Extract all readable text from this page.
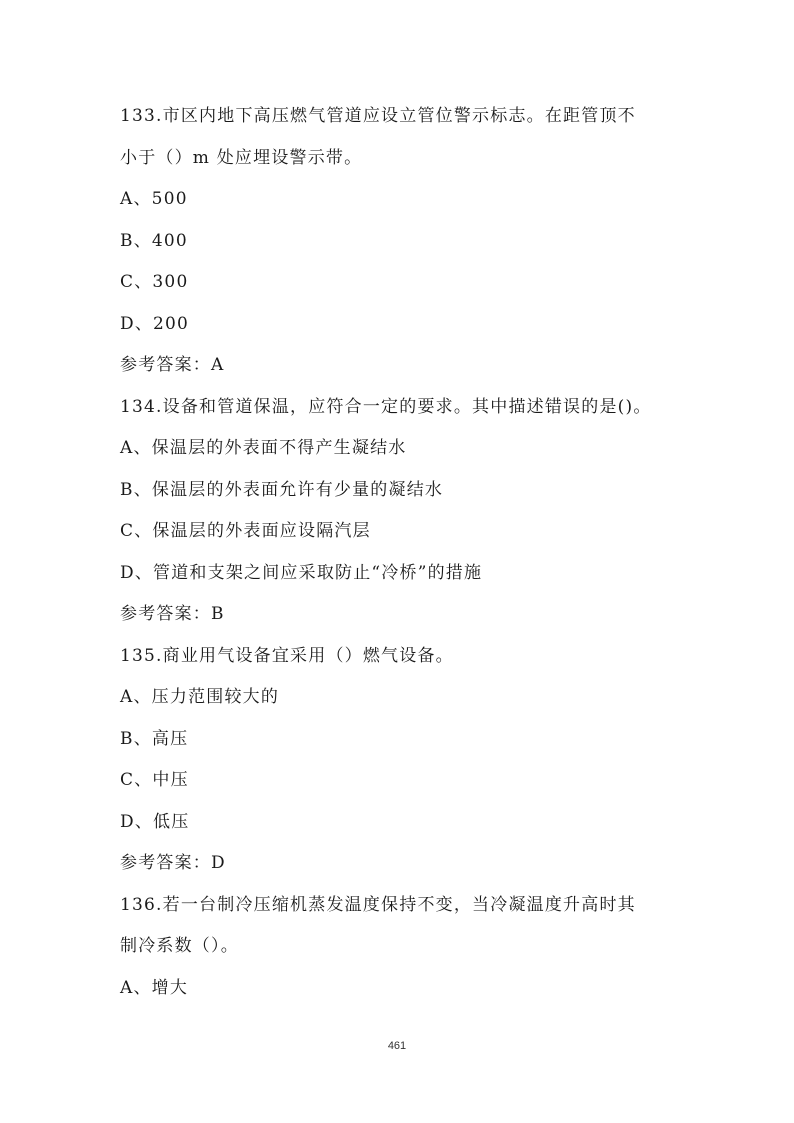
133.市区内地下高压燃气管道应设立管位警示标志。在距管顶不
小于（）m 处应埋设警示带。
A、500
B、400
C、300
D、200
参考答案：A
134.设备和管道保温，应符合一定的要求。其中描述错误的是()。
A、保温层的外表面不得产生凝结水
B、保温层的外表面允许有少量的凝结水
C、保温层的外表面应设隔汽层
D、管道和支架之间应采取防止“冷桥”的措施
参考答案：B
135.商业用气设备宜采用（）燃气设备。
A、压力范围较大的
B、高压
C、中压
D、低压
参考答案：D
136.若一台制冷压缩机蒸发温度保持不变，当冷凝温度升高时其
制冷系数（）。
A、增大
461
